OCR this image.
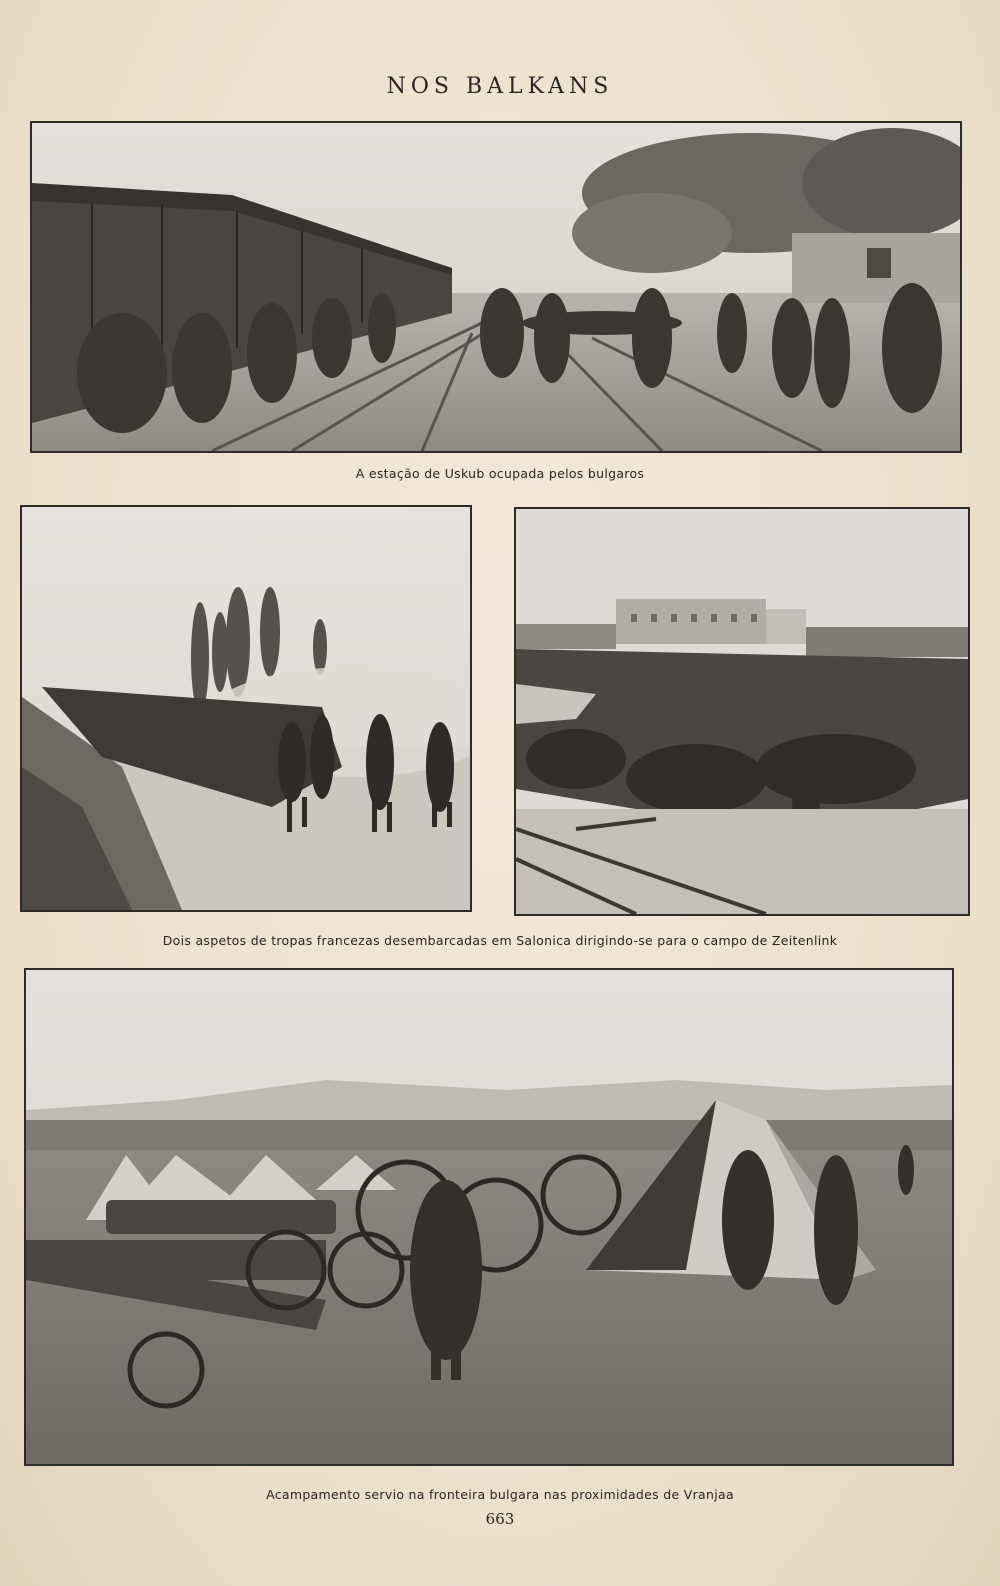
NOS BALKANS
A estação de Uskub ocupada pelos bulgaros
Dois aspetos de tropas francezas desembarcadas em Salonica dirigindo-se para o campo de Zeitenlink
Acampamento servio na fronteira bulgara nas proximidades de Vranjaa
663
